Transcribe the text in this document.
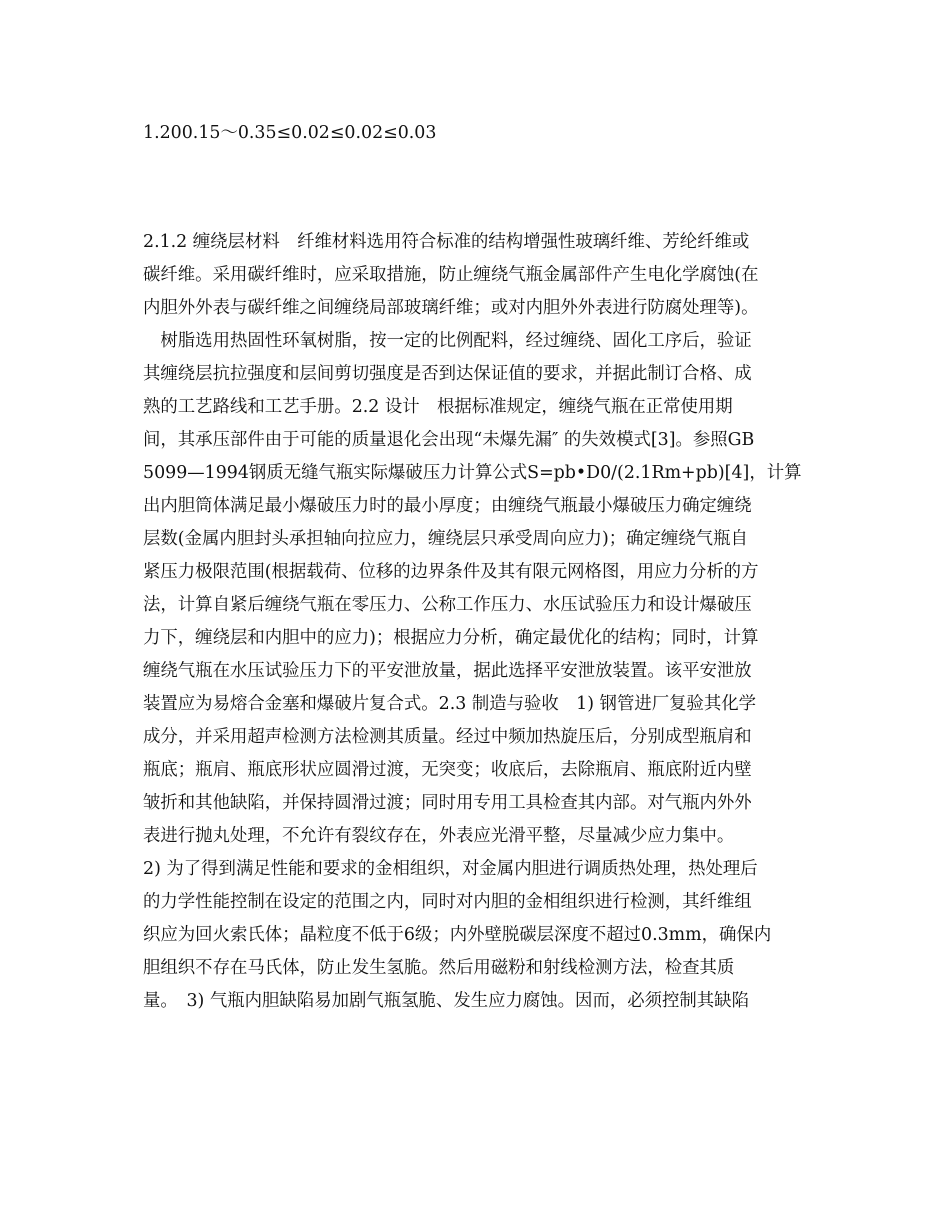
1.200.15～0.35≤0.02≤0.02≤0.03
2.1.2 缠绕层材料　纤维材料选用符合标准的结构增强性玻璃纤维、芳纶纤维或
碳纤维。采用碳纤维时，应采取措施，防止缠绕气瓶金属部件产生电化学腐蚀(在
内胆外外表与碳纤维之间缠绕局部玻璃纤维；或对内胆外外表进行防腐处理等)。
　树脂选用热固性环氧树脂，按一定的比例配料，经过缠绕、固化工序后，验证
其缠绕层抗拉强度和层间剪切强度是否到达保证值的要求，并据此制订合格、成
熟的工艺路线和工艺手册。2.2 设计　根据标准规定，缠绕气瓶在正常使用期
间，其承压部件由于可能的质量退化会出现“未爆先漏″ 的失效模式[3]。参照GB
5099—1994钢质无缝气瓶实际爆破压力计算公式S=pb•D0/(2.1Rm+pb)[4]，计算
出内胆筒体满足最小爆破压力时的最小厚度；由缠绕气瓶最小爆破压力确定缠绕
层数(金属内胆封头承担轴向拉应力，缠绕层只承受周向应力)；确定缠绕气瓶自
紧压力极限范围(根据载荷、位移的边界条件及其有限元网格图，用应力分析的方
法，计算自紧后缠绕气瓶在零压力、公称工作压力、水压试验压力和设计爆破压
力下，缠绕层和内胆中的应力)；根据应力分析，确定最优化的结构；同时，计算
缠绕气瓶在水压试验压力下的平安泄放量，据此选择平安泄放装置。该平安泄放
装置应为易熔合金塞和爆破片复合式。2.3 制造与验收　1) 钢管进厂复验其化学
成分，并采用超声检测方法检测其质量。经过中频加热旋压后，分别成型瓶肩和
瓶底；瓶肩、瓶底形状应圆滑过渡，无突变；收底后，去除瓶肩、瓶底附近内壁
皱折和其他缺陷，并保持圆滑过渡；同时用专用工具检查其内部。对气瓶内外外
表进行抛丸处理，不允许有裂纹存在，外表应光滑平整，尽量减少应力集中。
2) 为了得到满足性能和要求的金相组织，对金属内胆进行调质热处理，热处理后
的力学性能控制在设定的范围之内，同时对内胆的金相组织进行检测，其纤维组
织应为回火索氏体；晶粒度不低于6级；内外壁脱碳层深度不超过0.3mm，确保内
胆组织不存在马氏体，防止发生氢脆。然后用磁粉和射线检测方法，检查其质
量。　3) 气瓶内胆缺陷易加剧气瓶氢脆、发生应力腐蚀。因而，必须控制其缺陷
